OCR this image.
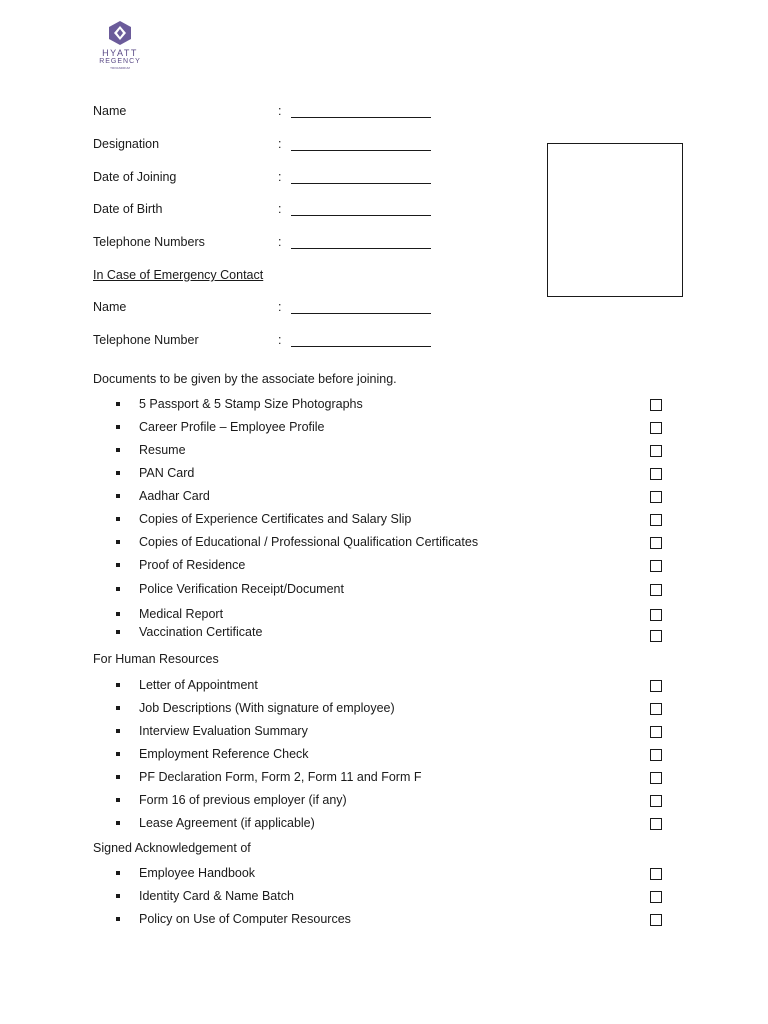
HYATT
REGENCY
TRIVANDRUM
Name	:
Designation	:
Date of Joining	:
Date of Birth	:
Telephone Numbers	:
In Case of Emergency Contact
Name	:
Telephone Number	:
Documents to be given by the associate before joining.
5 Passport & 5 Stamp Size Photographs
Career Profile – Employee Profile
Resume
PAN Card
Aadhar Card
Copies of Experience Certificates and Salary Slip
Copies of Educational / Professional Qualification Certificates
Proof of Residence
Police Verification Receipt/Document
Medical Report
Vaccination Certificate
For Human Resources
Letter of Appointment
Job Descriptions (With signature of employee)
Interview Evaluation Summary
Employment Reference Check
PF Declaration Form, Form 2, Form 11 and Form F
Form 16 of previous employer (if any)
Lease Agreement (if applicable)
Signed Acknowledgement of
Employee Handbook
Identity Card & Name Batch
Policy on Use of Computer Resources
